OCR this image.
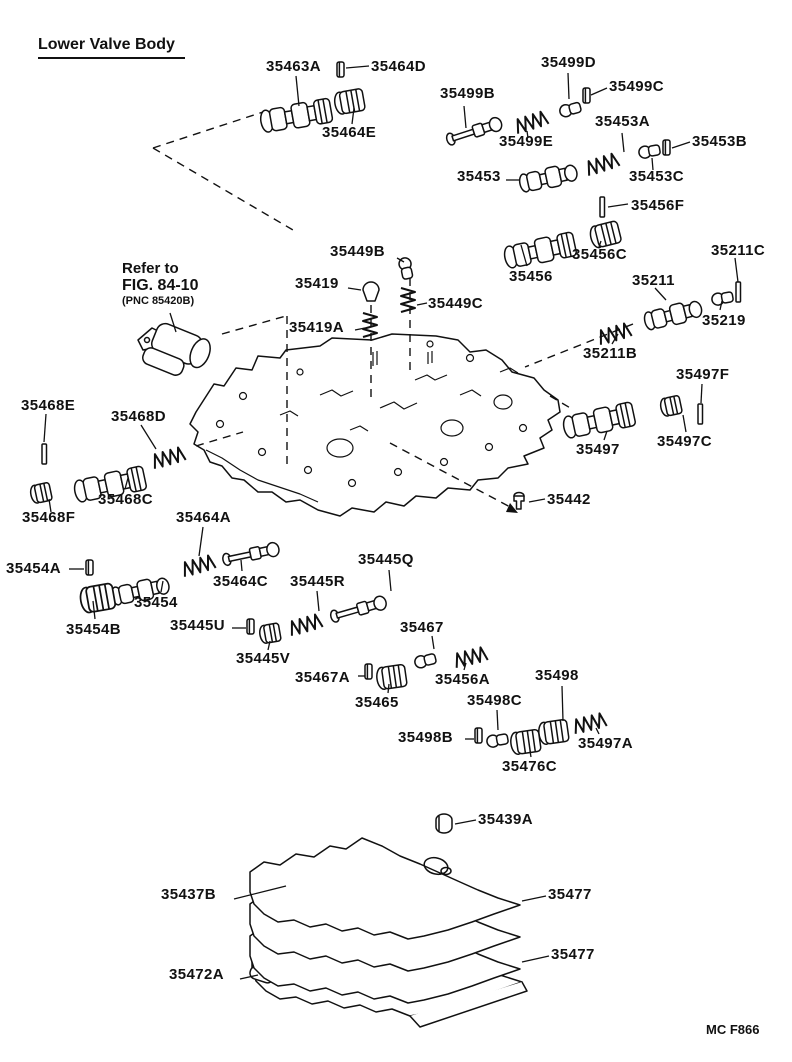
Lower Valve Body
Refer to
FIG. 84-10
(PNC 85420B)
35463A	35464D
35464E
35499B
35499D
35499C
35499E
35453A
35453B
35453	35453C
35456F
35456C
35456
35211C
35211
35219
35211B
35449B
35419
35449C
35419A
35468E
35468D
35468C
35468F	35464A
35454A
35464C
35454
35454B	35445U
35445V
35445R
35445Q
35467
35467A
35465
35456A	35498
35498C
35498B
35476C
35497A
35497F
35497 35497C
35442
35439A
35437B	35477
35477
35472A
MC F866
